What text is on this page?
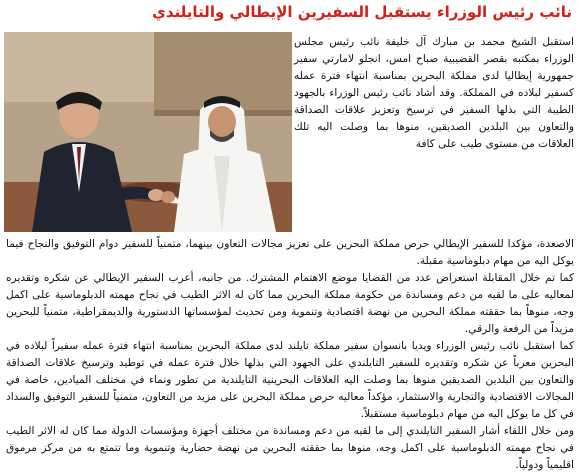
نائب رئيس الوزراء يستقبل السفيرين الإيطالي والتايلندي
استقبل الشيخ محمد بن مبارك آل خليفة نائب رئيس مجلس الوزراء بمكتبه بقصر القضيبية صباح امس، انجلو لامارتي سفير جمهورية إيطاليا لدى مملكة البحرين بمناسبة انتهاء فترة عمله كسفير لبلاده في المملكة. وقد أشاد نائب رئيس الوزراء بالجهود الطيبة التي بذلها السفير في ترسيخ وتعزيز علاقات الصداقة والتعاون بين البلدين الصديقين، منوها بما وصلت اليه تلك العلاقات من مستوى طيب على كافة

الاصعدة، مؤكدا للسفير الإيطالي حرص مملكة البحرين على تعزيز مجالات التعاون بينهما، متمنياً للسفير دوام التوفيق والنجاح فيما يوكل اليه من مهام دبلوماسية مقبلة.

كما تم خلال المقابلة استعراض عدد من القضايا موضع الاهتمام المشترك. من جانبه، أعرب السفير الإيطالي عن شكره وتقديره لمعاليه على ما لقيه من دعم ومساندة من حكومة مملكة البحرين مما كان له الاثر الطيب في نجاح مهمته الدبلوماسية على اكمل وجه، منوهاً بما حققته مملكة البحرين من نهضة اقتصادية وتنموية ومن تحديث لمؤسساتها الدستورية والديمقراطية، متمنياً للبحرين مزيداً من الرفعة والرقي.

كما استقبل نائب رئيس الوزراء ويديا بانسوان سفير مملكة تايلند لدى مملكة البحرين بمناسبة انتهاء فترة عمله سفيراً لبلاده في البحرين معرباً عن شكره وتقديره للسفير التايلندي على الجهود التي بذلها خلال فترة عمله في توطيد وترسيخ علاقات الصداقة والتعاون بين البلدين الصديقين منوها بما وصلت اليه العلاقات البحرينية التايلندية من تطور ونماء في مختلف الميادين، خاصة في المجالات الاقتصادية والتجارية والاستثمار، مؤكداً معاليه حرص مملكة البحرين على مزيد من التعاون، متمنياً للسفير التوفيق والسداد في كل ما يوكل اليه من مهام دبلوماسية مستقبلاً.

ومن خلال اللقاء أشار السفير التايلندي إلى ما لقيه من دعم ومساندة من مختلف أجهزة ومؤسسات الدولة مما كان له الاثر الطيب في نجاح مهمته الدبلوماسية على اكمل وجه، منوها بما حققته البحرين من نهضة حضارية وتنموية وما تتمتع به من مركز مرموق اقليمياً ودولياً.
